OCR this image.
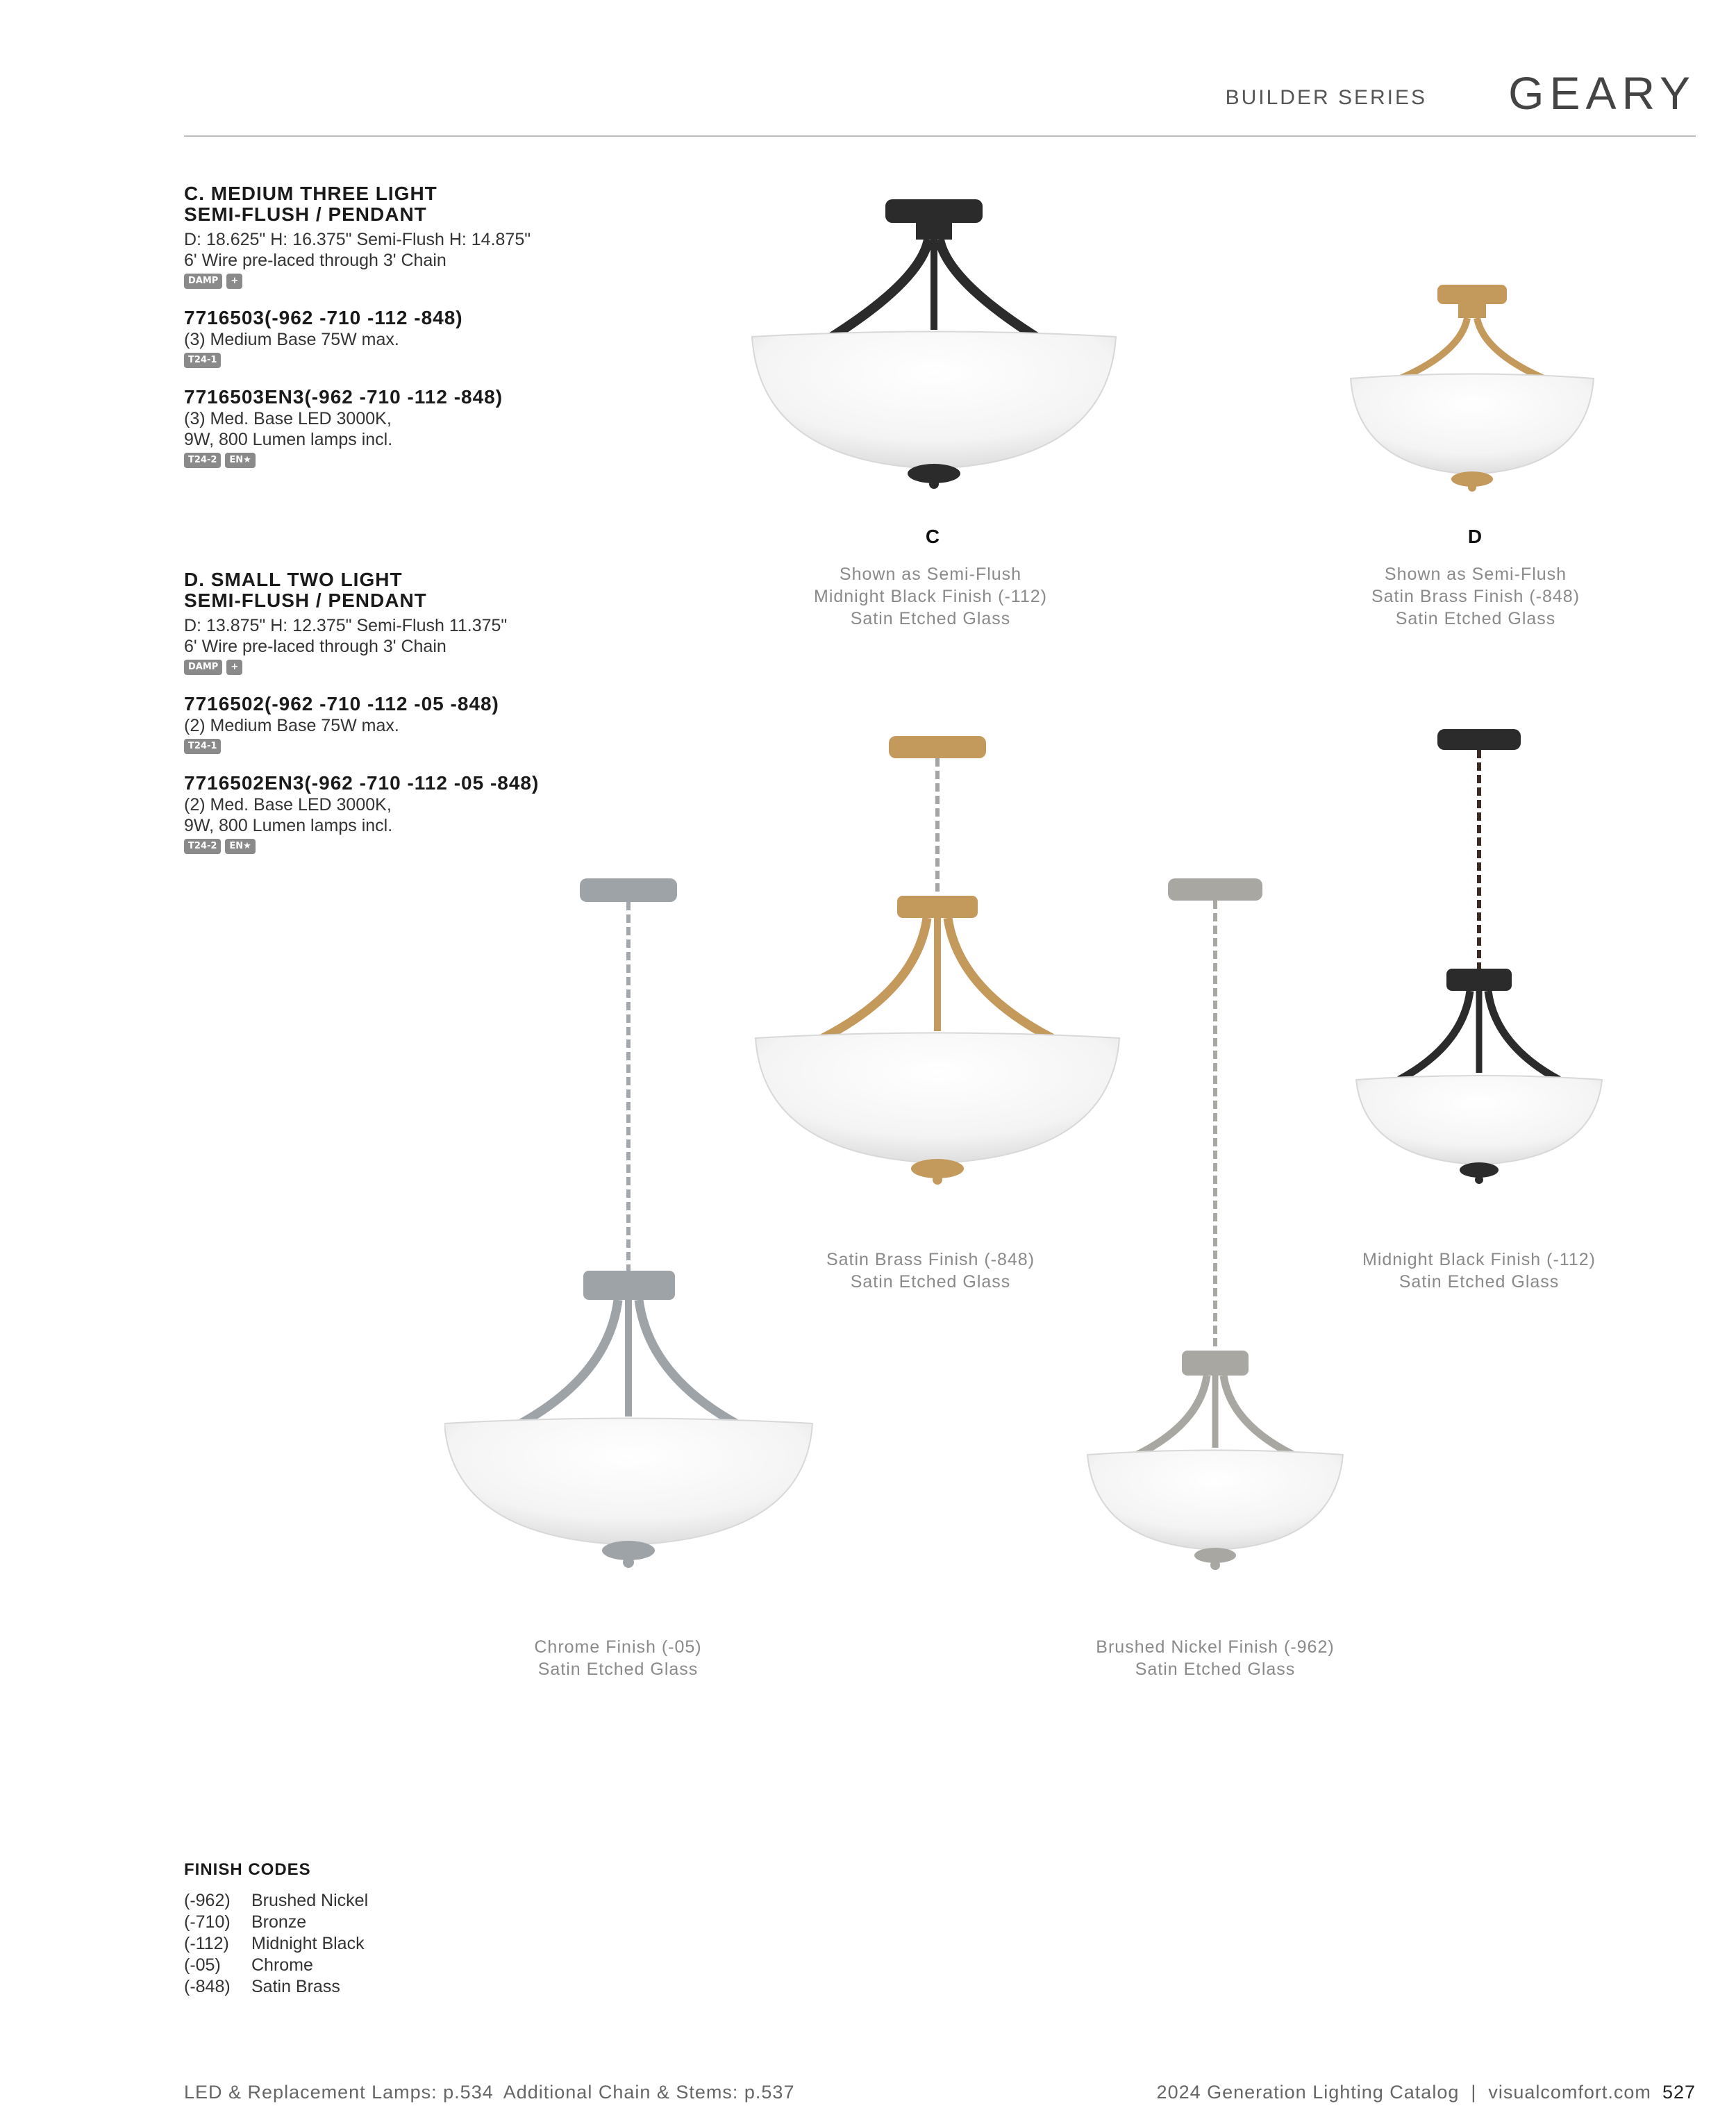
BUILDER SERIES GEARY
C. MEDIUM THREE LIGHT
SEMI-FLUSH / PENDANT
D: 18.625" H: 16.375" Semi-Flush H: 14.875"
6' Wire pre-laced through 3' Chain
DAMP	+
7716503(-962 -710 -112 -848)
(3) Medium Base 75W max.
T24-1
7716503EN3(-962 -710 -112 -848)
(3) Med. Base LED 3000K,
9W, 800 Lumen lamps incl.
T24-2	EN★
D. SMALL TWO LIGHT
SEMI-FLUSH / PENDANT
D: 13.875" H: 12.375" Semi-Flush 11.375"
6' Wire pre-laced through 3' Chain
DAMP	+
7716502(-962 -710 -112 -05 -848)
(2) Medium Base 75W max.
T24-1
7716502EN3(-962 -710 -112 -05 -848)
(2) Med. Base LED 3000K,
9W, 800 Lumen lamps incl.
T24-2	EN★
C
Shown as Semi-Flush
Midnight Black Finish (-112)
Satin Etched Glass
D
Shown as Semi-Flush
Satin Brass Finish (-848)
Satin Etched Glass
Satin Brass Finish (-848)
Satin Etched Glass
Midnight Black Finish (-112)
Satin Etched Glass
Chrome Finish (-05)
Satin Etched Glass
Brushed Nickel Finish (-962)
Satin Etched Glass
FINISH CODES
(-962)	Brushed Nickel
(-710)	Bronze
(-112)	Midnight Black
(-05)	Chrome
(-848)	Satin Brass
LED & Replacement Lamps: p.534 Additional Chain & Stems: p.537	2024 Generation Lighting Catalog  |  visualcomfort.com 527
